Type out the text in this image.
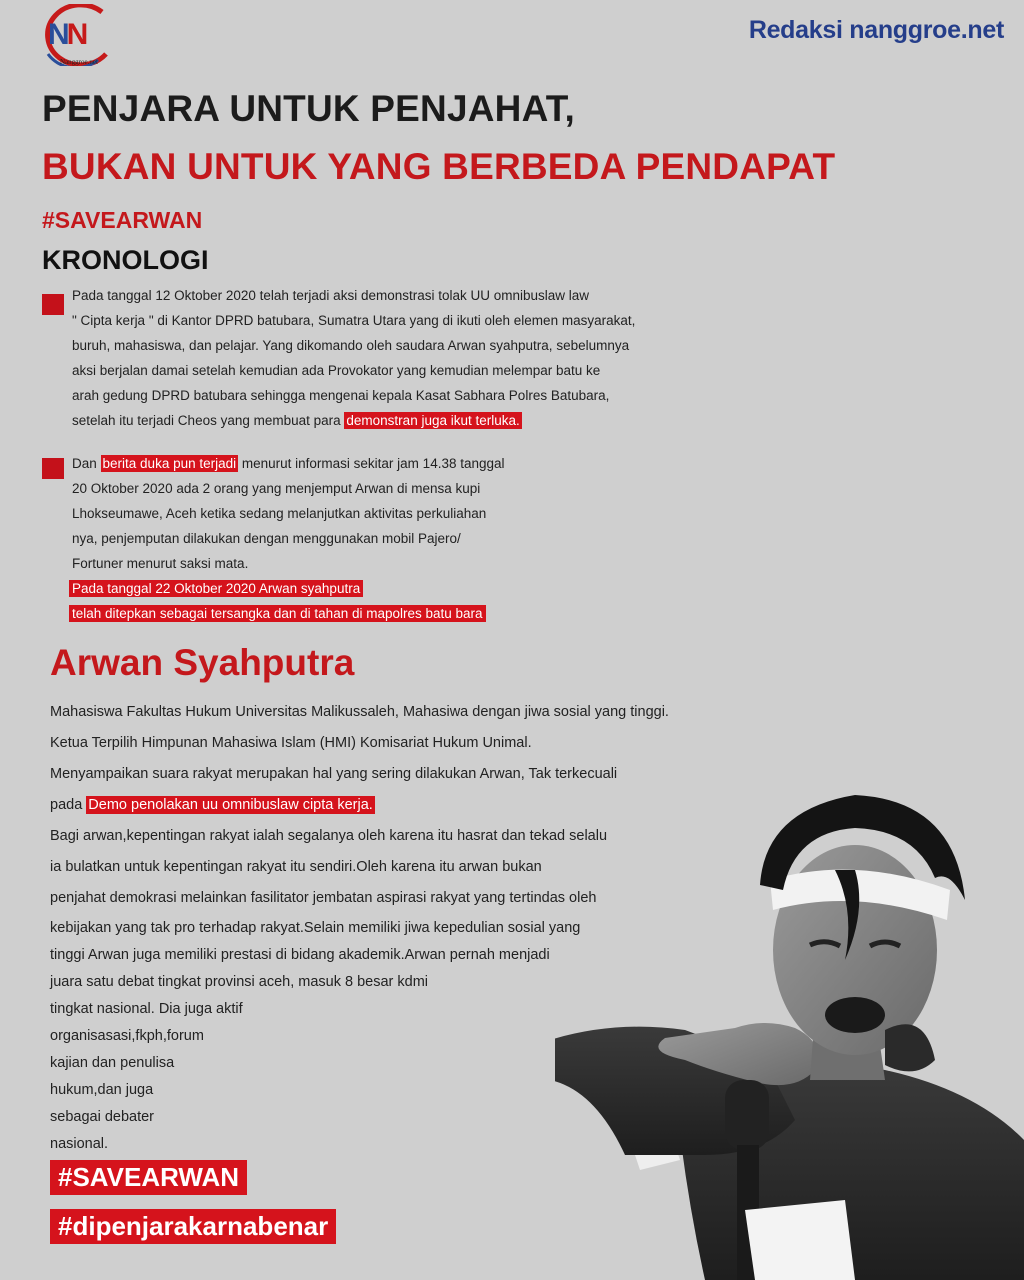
NN
Nanggroe.net
Redaksi nanggroe.net
PENJARA UNTUK PENJAHAT,
BUKAN UNTUK YANG BERBEDA PENDAPAT
#SAVEARWAN
KRONOLOGI
Pada tanggal 12 Oktober 2020 telah terjadi aksi demonstrasi tolak UU omnibuslaw law
" Cipta kerja " di Kantor DPRD batubara, Sumatra Utara yang di ikuti oleh elemen masyarakat,
buruh, mahasiswa, dan pelajar. Yang dikomando oleh saudara Arwan syahputra, sebelumnya
aksi berjalan damai setelah kemudian ada Provokator yang kemudian melempar batu ke
arah gedung DPRD batubara sehingga mengenai kepala Kasat Sabhara Polres Batubara,
setelah itu terjadi Cheos yang membuat para demonstran juga ikut terluka.
Dan berita duka pun terjadi menurut informasi sekitar jam 14.38 tanggal
20 Oktober 2020 ada 2 orang yang menjemput Arwan di mensa kupi
Lhokseumawe, Aceh ketika sedang melanjutkan aktivitas perkuliahan
nya, penjemputan dilakukan dengan menggunakan mobil Pajero/
Fortuner menurut saksi mata.
Pada tanggal 22 Oktober 2020 Arwan syahputra
telah ditepkan sebagai tersangka dan di tahan di mapolres batu bara
Arwan Syahputra
Mahasiswa Fakultas Hukum Universitas Malikussaleh, Mahasiwa dengan jiwa sosial yang tinggi.
Ketua Terpilih Himpunan Mahasiwa Islam (HMI) Komisariat Hukum Unimal.
Menyampaikan suara rakyat merupakan hal yang sering dilakukan Arwan, Tak terkecuali
pada Demo penolakan uu omnibuslaw cipta kerja.
Bagi arwan,kepentingan rakyat ialah segalanya oleh karena itu hasrat dan tekad selalu
ia bulatkan untuk kepentingan rakyat itu sendiri.Oleh karena itu arwan bukan
penjahat demokrasi melainkan fasilitator jembatan aspirasi rakyat yang tertindas oleh
kebijakan yang tak pro terhadap rakyat.Selain memiliki jiwa kepedulian sosial yang
tinggi Arwan juga memiliki prestasi di bidang akademik.Arwan pernah menjadi
juara satu debat tingkat provinsi aceh, masuk 8 besar kdmi
tingkat nasional. Dia juga aktif
organisasasi,fkph,forum
kajian dan penulisa
hukum,dan juga
sebagai debater
nasional.
#SAVEARWAN
#dipenjarakarnabenar
